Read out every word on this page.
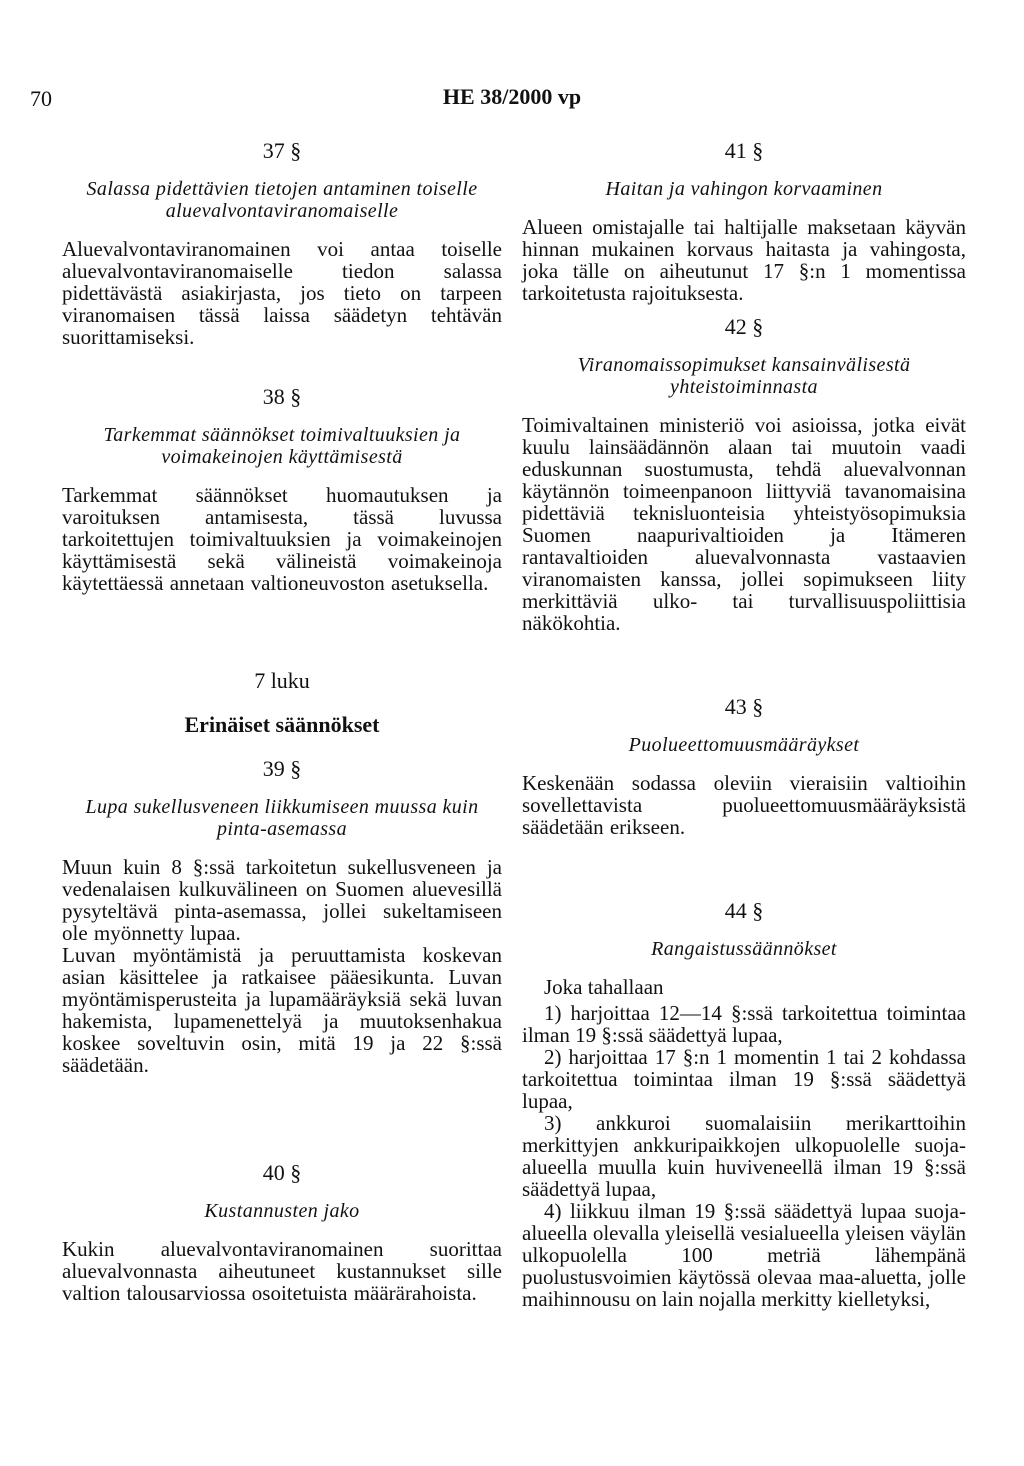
70	HE 38/2000 vp
37 §
Salassa pidettävien tietojen antaminen toiselle aluevalvontaviranomaiselle

Aluevalvontaviranomainen voi antaa toiselle aluevalvontaviranomaiselle tiedon salassa pidettävästä asiakirjasta, jos tieto on tarpeen viranomaisen tässä laissa säädetyn tehtävän suorittamiseksi.

38 §
Tarkemmat säännökset toimivaltuuksien ja voimakeinojen käyttämisestä

Tarkemmat säännökset huomautuksen ja varoituksen antamisesta, tässä luvussa tarkoitettujen toimivaltuuksien ja voimakeinojen käyttämisestä sekä välineistä voimakeinoja käytettäessä annetaan valtioneuvoston asetuksella.

7 luku
Erinäiset säännökset
39 §
Lupa sukellusveneen liikkumiseen muussa kuin pinta-asemassa

Muun kuin 8 §:ssä tarkoitetun sukellusveneen ja vedenalaisen kulkuvälineen on Suomen aluevesillä pysyteltävä pinta-asemassa, jollei sukeltamiseen ole myönnetty lupaa.

Luvan myöntämistä ja peruuttamista koskevan asian käsittelee ja ratkaisee pääesikunta. Luvan myöntämisperusteita ja lupamääräyksiä sekä luvan hakemista, lupamenettelyä ja muutoksenhakua koskee soveltuvin osin, mitä 19 ja 22 §:ssä säädetään.

40 §
Kustannusten jako

Kukin aluevalvontaviranomainen suorittaa aluevalvonnasta aiheutuneet kustannukset sille valtion talousarviossa osoitetuista määrärahoista.

41 §
Haitan ja vahingon korvaaminen

Alueen omistajalle tai haltijalle maksetaan käyvän hinnan mukainen korvaus haitasta ja vahingosta, joka tälle on aiheutunut 17 §:n 1 momentissa tarkoitetusta rajoituksesta.

42 §
Viranomaissopimukset kansainvälisestä yhteistoiminnasta

Toimivaltainen ministeriö voi asioissa, jotka eivät kuulu lainsäädännön alaan tai muutoin vaadi eduskunnan suostumusta, tehdä aluevalvonnan käytännön toimeenpanoon liittyviä tavanomaisina pidettäviä teknisluonteisia yhteistyösopimuksia Suomen naapurivaltioiden ja Itämeren rantavaltioiden aluevalvonnasta vastaavien viranomaisten kanssa, jollei sopimukseen liity merkittäviä ulko- tai turvallisuuspoliittisia näkökohtia.

43 §
Puolueettomuusmääräykset

Keskenään sodassa oleviin vieraisiin valtioihin sovellettavista puolueettomuusmääräyksistä säädetään erikseen.

44 §
Rangaistussäännökset

Joka tahallaan

1) harjoittaa 12—14 §:ssä tarkoitettua toimintaa ilman 19 §:ssä säädettyä lupaa,

2) harjoittaa 17 §:n 1 momentin 1 tai 2 kohdassa tarkoitettua toimintaa ilman 19 §:ssä säädettyä lupaa,

3) ankkuroi suomalaisiin merikarttoihin merkittyjen ankkuripaikkojen ulkopuolelle suoja-alueella muulla kuin huviveneellä ilman 19 §:ssä säädettyä lupaa,

4) liikkuu ilman 19 §:ssä säädettyä lupaa suoja-alueella olevalla yleisellä vesialueella yleisen väylän ulkopuolella 100 metriä lähempänä puolustusvoimien käytössä olevaa maa-aluetta, jolle maihinnousu on lain nojalla merkitty kielletyksi,
